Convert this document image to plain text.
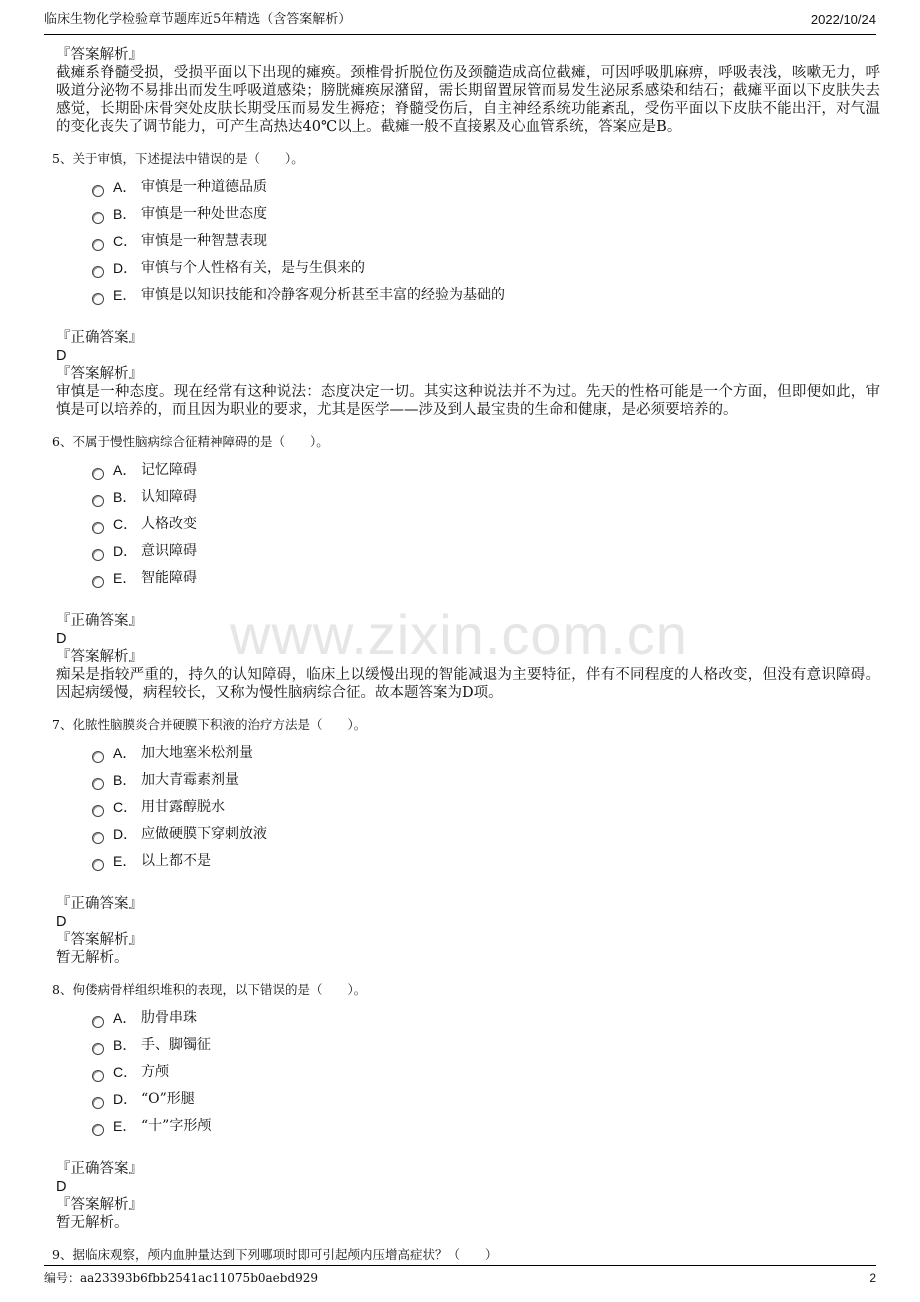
临床生物化学检验章节题库近5年精选（含答案解析）	2022/10/24
www.zixin.com.cn

『答案解析』

截瘫系脊髓受损，受损平面以下出现的瘫痪。颈椎骨折脱位伤及颈髓造成高位截瘫，可因呼吸肌麻痹，呼吸表浅，咳嗽无力，呼吸道分泌物不易排出而发生呼吸道感染；膀胱瘫痪尿潴留，需长期留置尿管而易发生泌尿系感染和结石；截瘫平面以下皮肤失去感觉，长期卧床骨突处皮肤长期受压而易发生褥疮；脊髓受伤后，自主神经系统功能紊乱，受伤平面以下皮肤不能出汗，对气温的变化丧失了调节能力，可产生高热达40℃以上。截瘫一般不直接累及心血管系统，答案应是B。

5、关于审慎，下述提法中错误的是（　　）。
A． 审慎是一种道德品质
B． 审慎是一种处世态度
C． 审慎是一种智慧表现
D． 审慎与个人性格有关，是与生俱来的
E． 审慎是以知识技能和冷静客观分析甚至丰富的经验为基础的

『正确答案』

D

『答案解析』

审慎是一种态度。现在经常有这种说法：态度决定一切。其实这种说法并不为过。先天的性格可能是一个方面，但即便如此，审慎是可以培养的，而且因为职业的要求，尤其是医学——涉及到人最宝贵的生命和健康，是必须要培养的。

6、不属于慢性脑病综合征精神障碍的是（　　）。
A． 记忆障碍
B． 认知障碍
C． 人格改变
D． 意识障碍
E． 智能障碍

『正确答案』

D

『答案解析』

痴呆是指较严重的，持久的认知障碍，临床上以缓慢出现的智能减退为主要特征，伴有不同程度的人格改变，但没有意识障碍。因起病缓慢，病程较长，又称为慢性脑病综合征。故本题答案为D项。

7、化脓性脑膜炎合并硬膜下积液的治疗方法是（　　）。
A． 加大地塞米松剂量
B． 加大青霉素剂量
C． 用甘露醇脱水
D． 应做硬膜下穿刺放液
E． 以上都不是

『正确答案』

D

『答案解析』

暂无解析。

8、佝偻病骨样组织堆积的表现，以下错误的是（　　）。
A． 肋骨串珠
B． 手、脚镯征
C． 方颅
D． “O”形腿
E． “十”字形颅

『正确答案』

D

『答案解析』

暂无解析。

9、据临床观察，颅内血肿量达到下列哪项时即可引起颅内压增高症状？（　　）
编号：aa23393b6fbb2541ac11075b0aebd929	2
